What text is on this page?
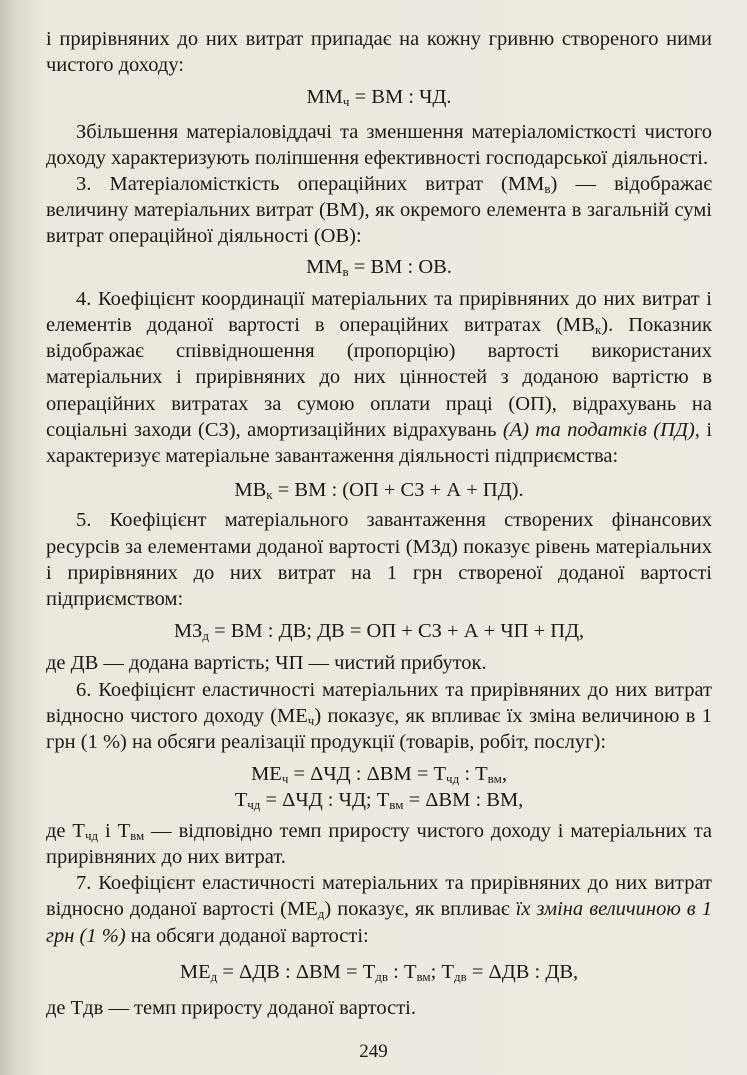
і прирівняних до них витрат припадає на кожну гривню створеного ними чистого доходу:

$ММ_ч$ = ВМ : ЧД.

Збільшення матеріаловіддачі та зменшення матеріаломісткості чистого доходу характеризують поліпшення ефективності господарської діяльності.

3. Матеріаломісткість операційних витрат $(ММ_в)$ — відображає величину матеріальних витрат (ВМ), як окремого елемента в загальній сумі витрат операційної діяльності (ОВ):

$ММ_в$ = ВМ : ОВ.

4. Коефіцієнт координації матеріальних та прирівняних до них витрат і елементів доданої вартості в операційних витратах $(МВ_к)$. Показник відображає співвідношення (пропорцію) вартості використаних матеріальних і прирівняних до них цінностей з доданою вартістю в операційних витратах за сумою оплати праці (ОП), відрахувань на соціальні заходи (СЗ), амортизаційних відрахувань (А) та податків (ПД), і характеризує матеріальне завантаження діяльності підприємства:

$МВ_к$ = ВМ : (ОП + СЗ + А + ПД).

5. Коефіцієнт матеріального завантаження створених фінансових ресурсів за елементами доданої вартості (МЗд) показує рівень матеріальних і прирівняних до них витрат на 1 грн створеної доданої вартості підприємством:

$МЗ_д$ = ВМ : ДВ; ДВ = ОП + СЗ + А + ЧП + ПД,

де ДВ — додана вартість; ЧП — чистий прибуток.

6. Коефіцієнт еластичності матеріальних та прирівняних до них витрат відносно чистого доходу $(МЕ_ч)$ показує, як впливає їх зміна величиною в 1 грн (1 %) на обсяги реалізації продукції (товарів, робіт, послуг):

$МЕ_ч = \Delta ЧД$ : $\Delta ВМ = Т_{чд}$ : $Т_{вм}$,

$Т_{чд} = \Delta ЧД$ : ЧД; $Т_{вм} = \Delta ВМ$ : ВМ,

де $Т_{чд}$ і $Т_{вм}$ — відповідно темп приросту чистого доходу і матеріальних та прирівняних до них витрат.

7. Коефіцієнт еластичності матеріальних та прирівняних до них витрат відносно доданої вартості $(МЕ_д)$ показує, як впливає їх зміна величиною в 1 грн (1 %) на обсяги доданої вартості:

$МЕ_д = \Delta ДВ$ : $\Delta ВМ = Т_{дв}$ : $Т_{вм}$; $Т_{дв} = \Delta ДВ$ : ДВ,

де Тдв — темп приросту доданої вартості.

249
